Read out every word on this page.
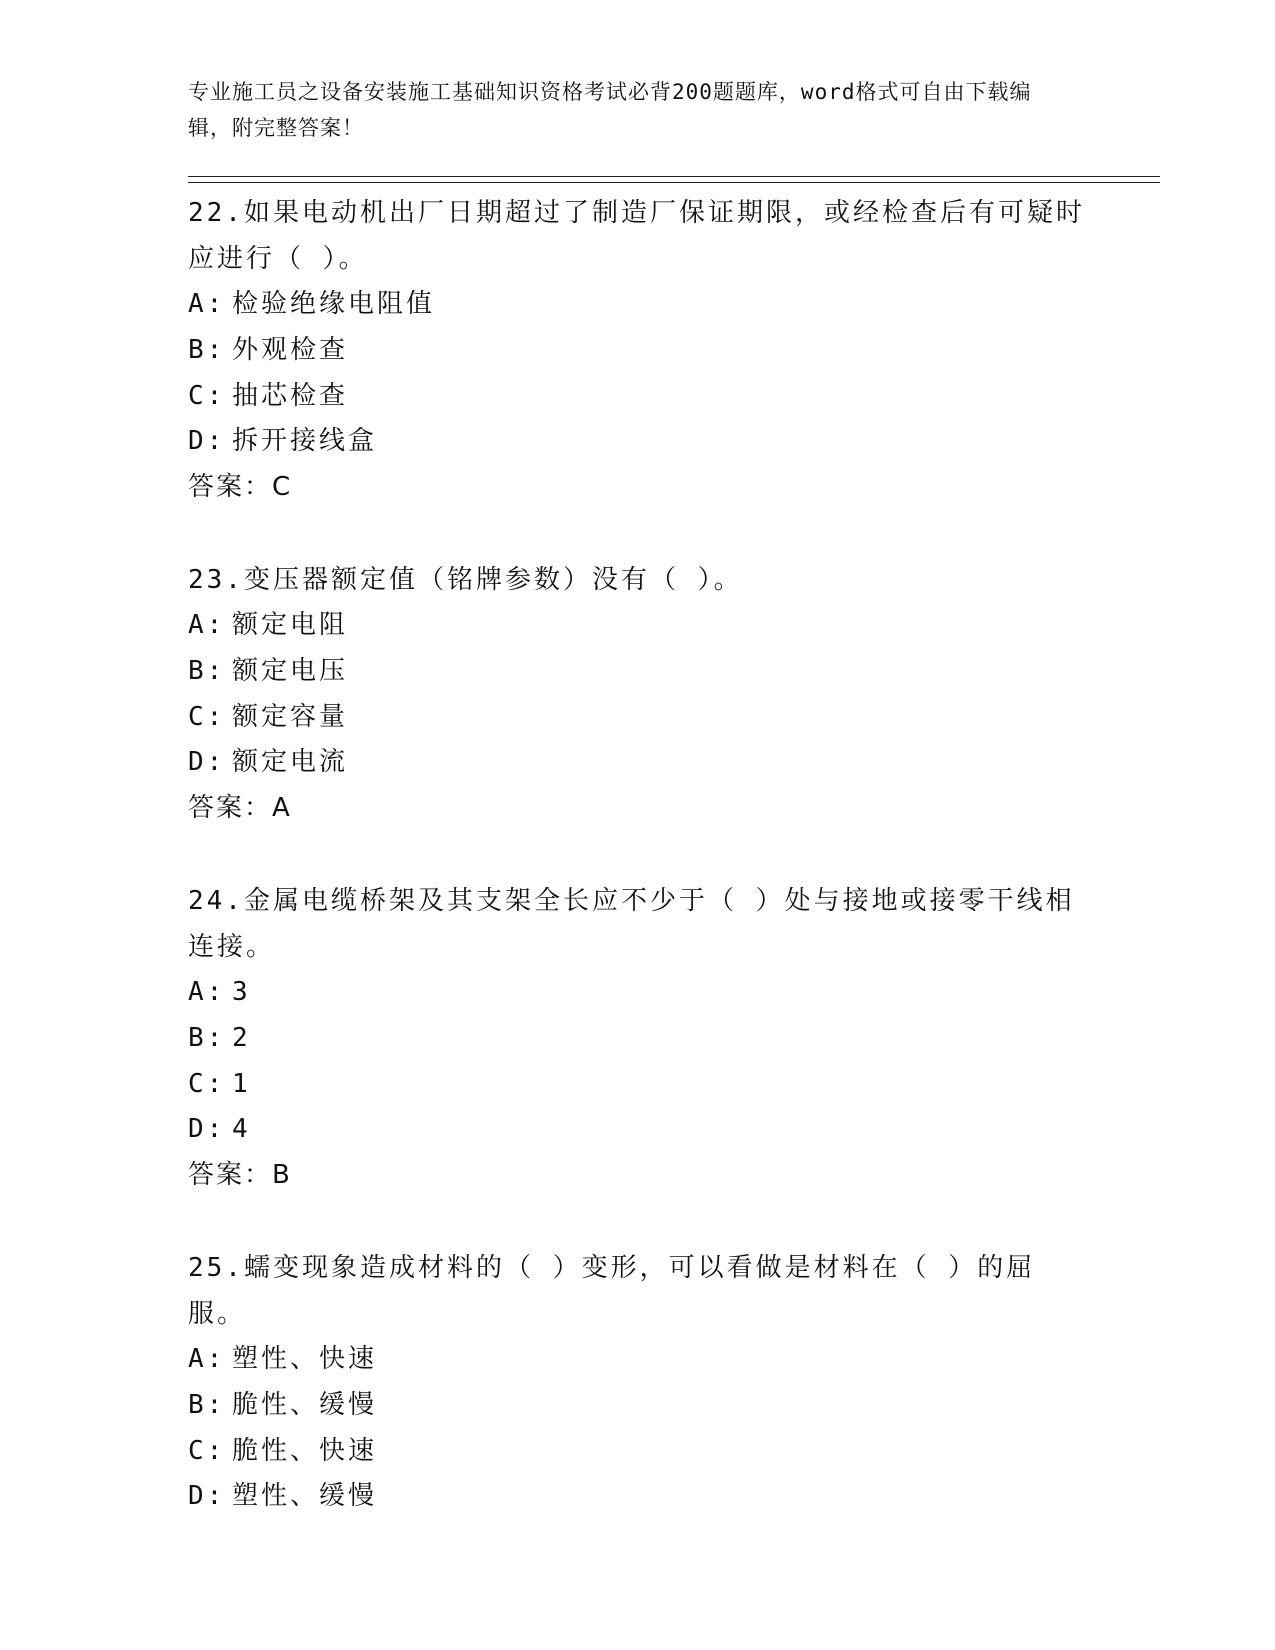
专业施工员之设备安装施工基础知识资格考试必背200题题库，word格式可自由下载编辑，附完整答案！
22.如果电动机出厂日期超过了制造厂保证期限，或经检查后有可疑时应进行（ ）。
A: 检验绝缘电阻值
B: 外观检查
C: 抽芯检查
D: 拆开接线盒
答案：C
23.变压器额定值（铭牌参数）没有（ ）。
A: 额定电阻
B: 额定电压
C: 额定容量
D: 额定电流
答案：A
24.金属电缆桥架及其支架全长应不少于（ ）处与接地或接零干线相连接。
A: 3
B: 2
C: 1
D: 4
答案：B
25.蠕变现象造成材料的（ ）变形，可以看做是材料在（ ）的屈服。
A: 塑性、快速
B: 脆性、缓慢
C: 脆性、快速
D: 塑性、缓慢
